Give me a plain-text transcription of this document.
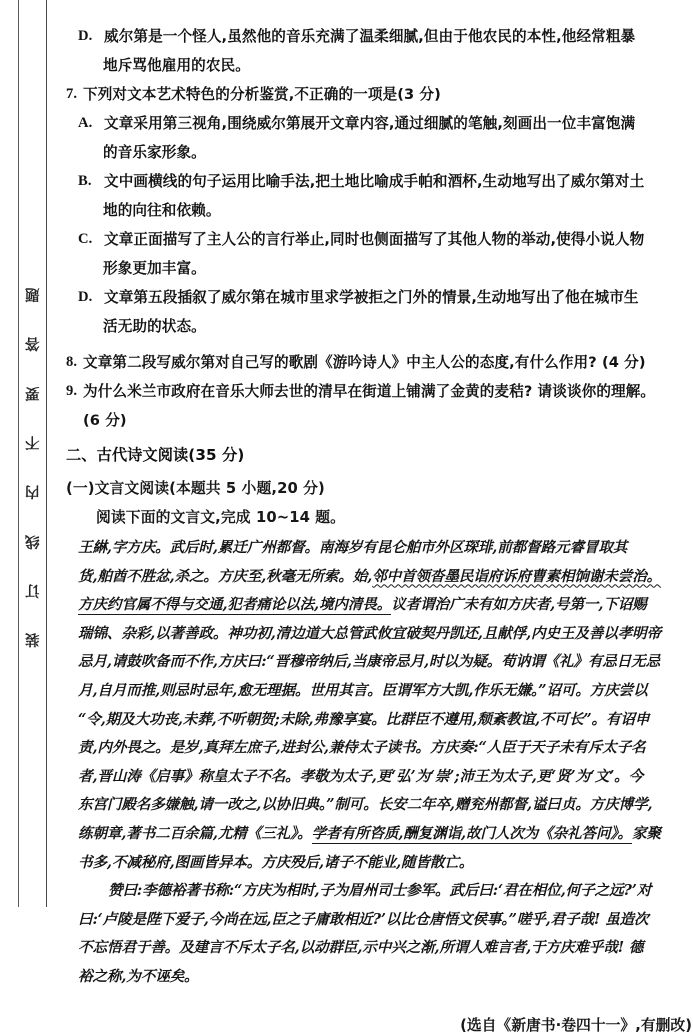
题
答
要
不
内
线
订
装
D. 威尔第是一个怪人,虽然他的音乐充满了温柔细腻,但由于他农民的本性,他经常粗暴
地斥骂他雇用的农民。
7. 下列对文本艺术特色的分析鉴赏,不正确的一项是(3 分)
A. 文章采用第三视角,围绕威尔第展开文章内容,通过细腻的笔触,刻画出一位丰富饱满
的音乐家形象。
B. 文中画横线的句子运用比喻手法,把土地比喻成手帕和酒杯,生动地写出了威尔第对土
地的向往和依赖。
C. 文章正面描写了主人公的言行举止,同时也侧面描写了其他人物的举动,使得小说人物
形象更加丰富。
D. 文章第五段插叙了威尔第在城市里求学被拒之门外的情景,生动地写出了他在城市生
活无助的状态。
8. 文章第二段写威尔第对自己写的歌剧《游吟诗人》中主人公的态度,有什么作用? (4 分)
9. 为什么米兰市政府在音乐大师去世的清早在街道上铺满了金黄的麦秸? 请谈谈你的理解。
(6 分)
二、古代诗文阅读(35 分)
(一)文言文阅读(本题共 5 小题,20 分)
阅读下面的文言文,完成 10~14 题。
王綝,字方庆。武后时,累迁广州都督。南海岁有昆仑舶市外区琛琲,前都督路元睿冒取其
货,舶酋不胜忿,杀之。方庆至,秋毫无所索。始,邻中首领沓墨民诣府诉府曹素相饷谢未尝治。
方庆约官属不得与交通,犯者痛论以法,境内清畏。议者谓治广未有如方庆者,号第一,下诏赐
瑞锦、杂彩,以著善政。神功初,清边道大总管武攸宜破契丹凯还,且献俘,内史王及善以孝明帝
忌月,请鼓吹备而不作,方庆曰:“晋穆帝纳后,当康帝忌月,时以为疑。荀讷谓《礼》有忌日无忌
月,自月而推,则忌时忌年,愈无理据。世用其言。臣谓军方大凯,作乐无嫌。”诏可。方庆尝以
“令,期及大功丧,未葬,不听朝贺;未除,弗豫享宴。比群臣不遵用,颓紊教谊,不可长”。有诏申
责,内外畏之。是岁,真拜左庶子,进封公,兼侍太子读书。方庆奏:“人臣于天子未有斥太子名
者,晋山涛《启事》称皇太子不名。孝敬为太子,更‘弘’为‘崇’;沛王为太子,更‘贤’为‘文’。今
东宫门殿名多嫌触,请一改之,以协旧典。”制可。长安二年卒,赠兖州都督,谥曰贞。方庆博学,
练朝章,著书二百余篇,尤精《三礼》。学者有所咨质,酬复渊诣,故门人次为《杂礼答问》。家聚
书多,不减秘府,图画皆异本。方庆殁后,诸子不能业,随皆散亡。
赞曰:李德裕著书称:“方庆为相时,子为眉州司士参军。武后曰:‘君在相位,何子之远?’对
曰:‘卢陵是陛下爱子,今尚在远,臣之子庸敢相近?’以比仓唐悟文侯事。”嗟乎,君子哉! 虽造次
不忘悟君于善。及建言不斥太子名,以动群臣,示中兴之渐,所谓人难言者,于方庆难乎哉! 德
裕之称,为不诬矣。
(选自《新唐书·卷四十一》,有删改)
